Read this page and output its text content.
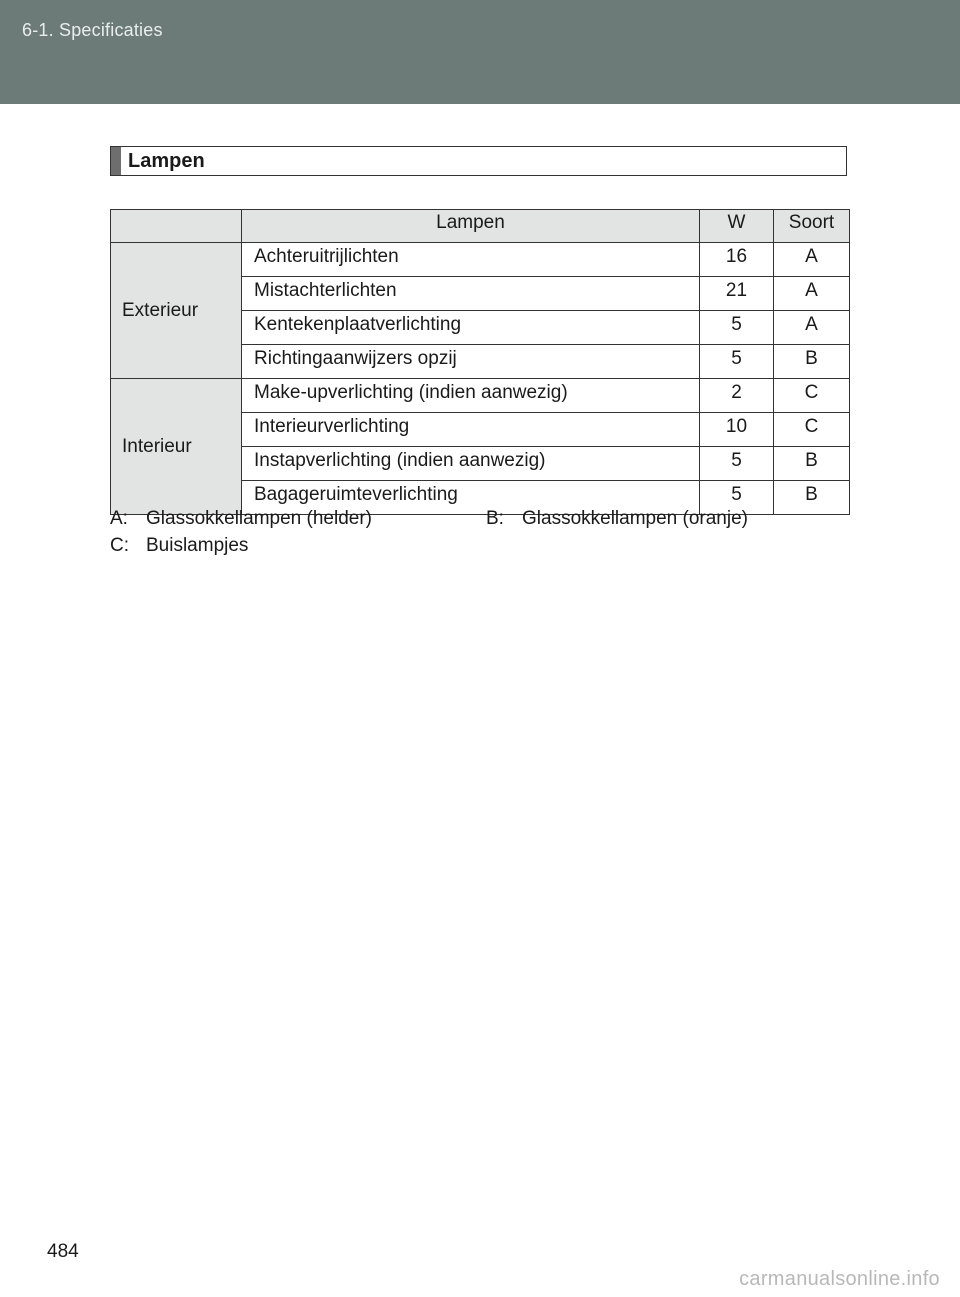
6-1. Specificaties
Lampen
	Lampen	W	Soort
Exterieur	Achteruitrijlichten	16	A
	Mistachterlichten	21	A
	Kentekenplaatverlichting	5	A
	Richtingaanwijzers opzij	5	B
Interieur	Make-upverlichting (indien aanwezig)	2	C
	Interieurverlichting	10	C
	Instapverlichting (indien aanwezig)	5	B
	Bagageruimteverlichting	5	B
A: Glassokkellampen (helder)	B: Glassokkellampen (oranje)
C: Buislampjes
484
carmanualsonline.info
